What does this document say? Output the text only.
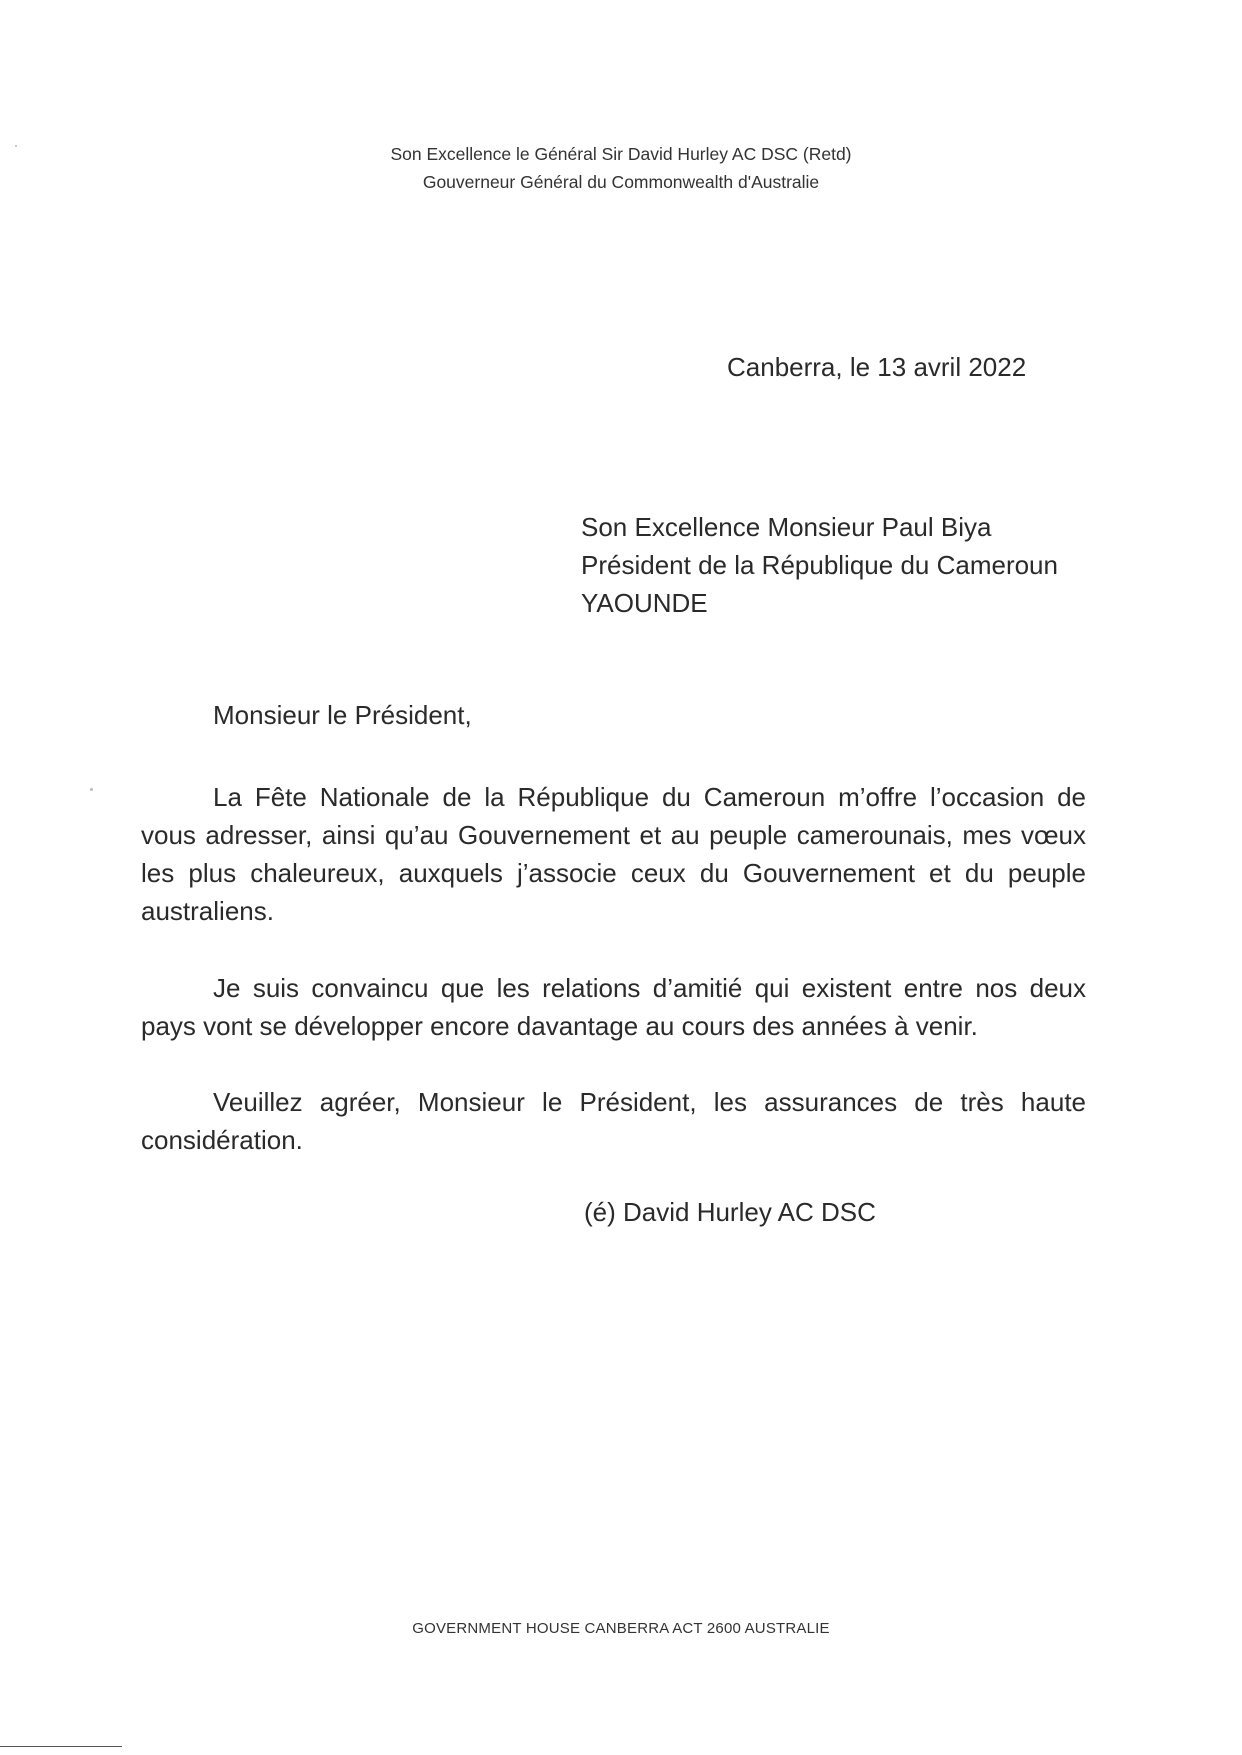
Son Excellence le Général Sir David Hurley AC DSC (Retd)
Gouverneur Général du Commonwealth d'Australie
Canberra, le 13 avril 2022
Son Excellence Monsieur Paul Biya
Président de la République du Cameroun
YAOUNDE
Monsieur le Président,
La Fête Nationale de la République du Cameroun m’offre l’occasion de vous adresser, ainsi qu’au Gouvernement et au peuple camerounais, mes vœux les plus chaleureux, auxquels j’associe ceux du Gouvernement et du peuple australiens.
Je suis convaincu que les relations d’amitié qui existent entre nos deux pays vont se développer encore davantage au cours des années à venir.
Veuillez agréer, Monsieur le Président, les assurances de très haute considération.
(é) David Hurley AC DSC
GOVERNMENT HOUSE CANBERRA ACT 2600 AUSTRALIE
